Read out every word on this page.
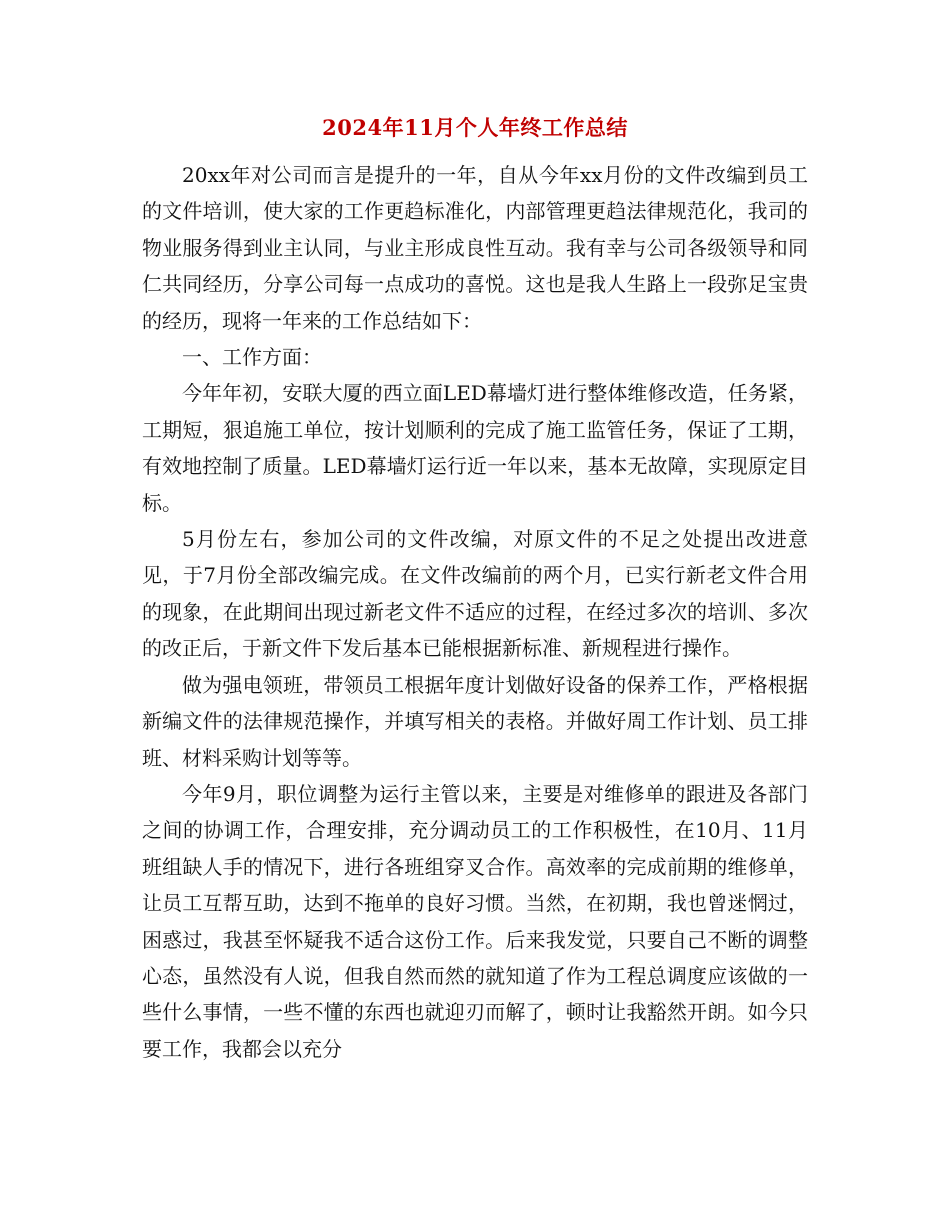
2024年11月个人年终工作总结

20xx年对公司而言是提升的一年，自从今年xx月份的文件改编到员工的文件培训，使大家的工作更趋标准化，内部管理更趋法律规范化，我司的物业服务得到业主认同，与业主形成良性互动。我有幸与公司各级领导和同仁共同经历，分享公司每一点成功的喜悦。这也是我人生路上一段弥足宝贵的经历，现将一年来的工作总结如下：

一、工作方面：

今年年初，安联大厦的西立面LED幕墙灯进行整体维修改造，任务紧，工期短，狠追施工单位，按计划顺利的完成了施工监管任务，保证了工期，有效地控制了质量。LED幕墙灯运行近一年以来，基本无故障，实现原定目标。

5月份左右，参加公司的文件改编，对原文件的不足之处提出改进意见，于7月份全部改编完成。在文件改编前的两个月，已实行新老文件合用的现象，在此期间出现过新老文件不适应的过程，在经过多次的培训、多次的改正后，于新文件下发后基本已能根据新标准、新规程进行操作。

做为强电领班，带领员工根据年度计划做好设备的保养工作，严格根据新编文件的法律规范操作，并填写相关的表格。并做好周工作计划、员工排班、材料采购计划等等。

今年9月，职位调整为运行主管以来，主要是对维修单的跟进及各部门之间的协调工作，合理安排，充分调动员工的工作积极性，在10月、11月班组缺人手的情况下，进行各班组穿叉合作。高效率的完成前期的维修单，让员工互帮互助，达到不拖单的良好习惯。当然，在初期，我也曾迷惘过，困惑过，我甚至怀疑我不适合这份工作。后来我发觉，只要自己不断的调整心态，虽然没有人说，但我自然而然的就知道了作为工程总调度应该做的一些什么事情，一些不懂的东西也就迎刃而解了，顿时让我豁然开朗。如今只要工作，我都会以充分
